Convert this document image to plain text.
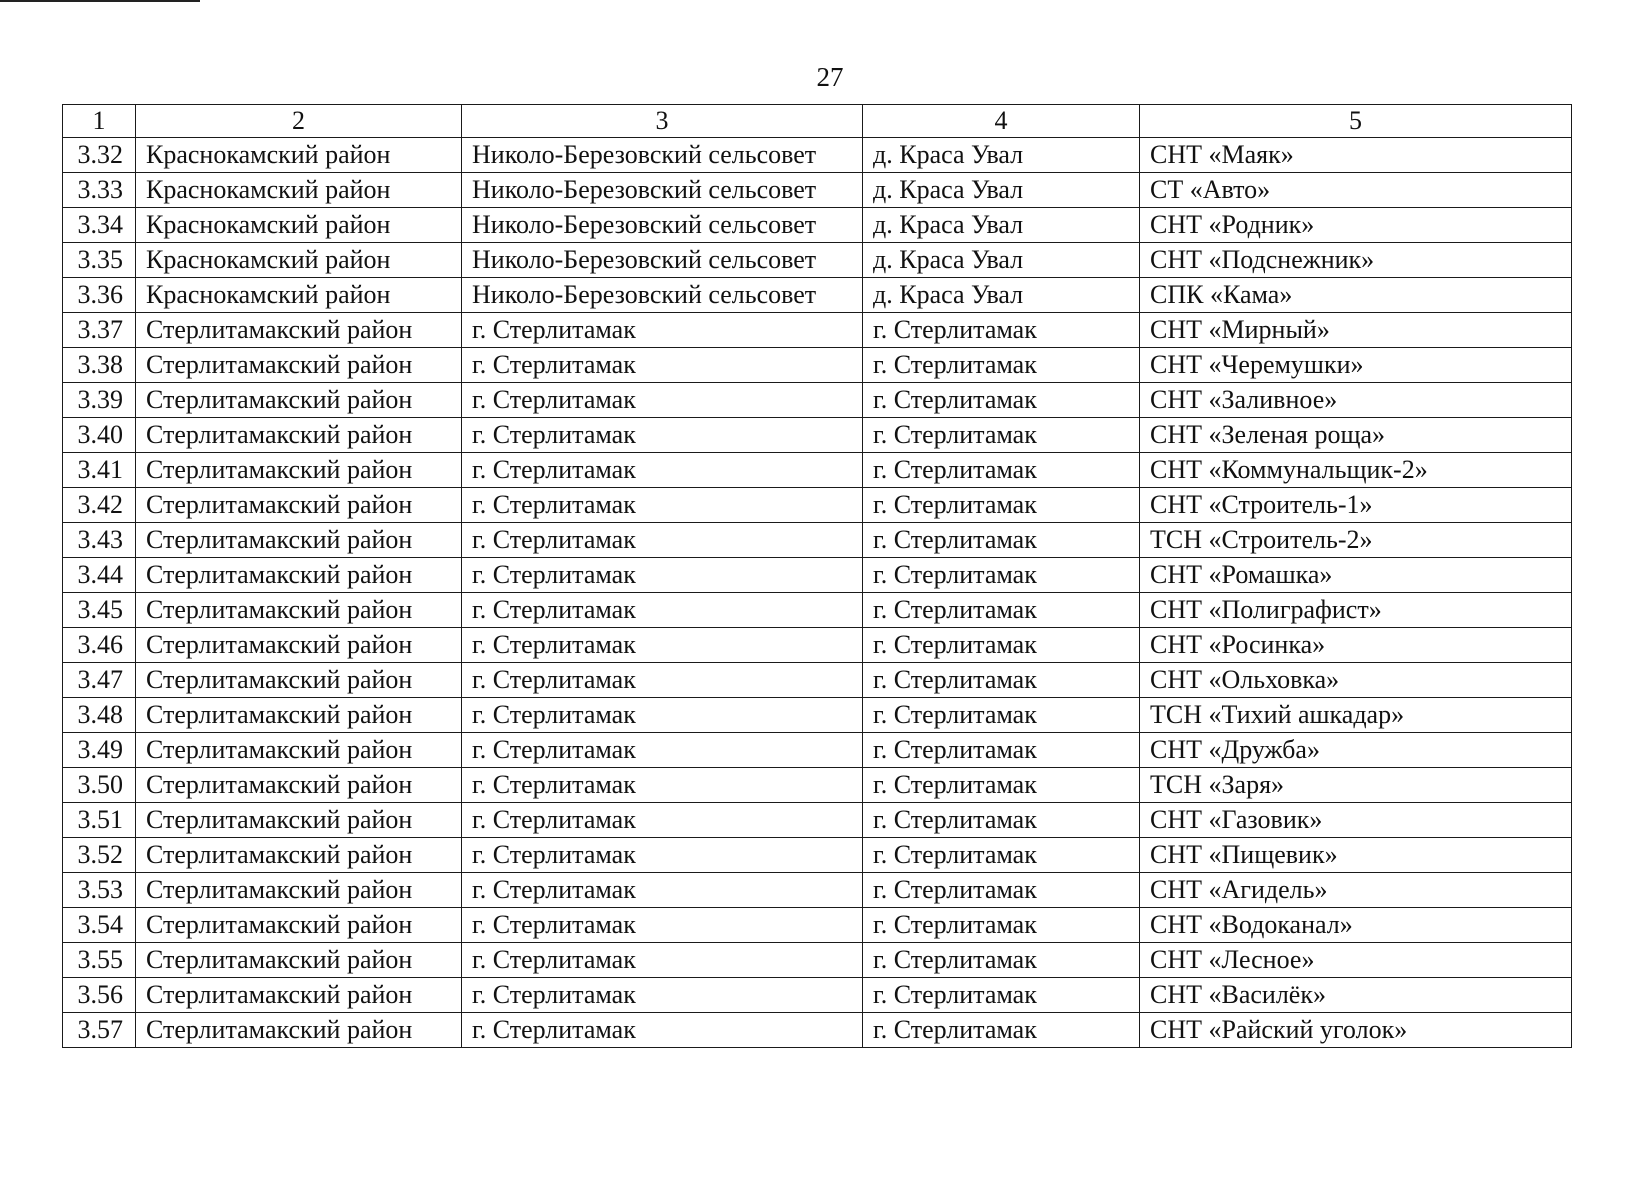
27
1	2	3	4	5
3.32	Краснокамский район	Николо-Березовский сельсовет	д. Краса Увал	СНТ «Маяк»
3.33	Краснокамский район	Николо-Березовский сельсовет	д. Краса Увал	СТ «Авто»
3.34	Краснокамский район	Николо-Березовский сельсовет	д. Краса Увал	СНТ «Родник»
3.35	Краснокамский район	Николо-Березовский сельсовет	д. Краса Увал	СНТ «Подснежник»
3.36	Краснокамский район	Николо-Березовский сельсовет	д. Краса Увал	СПК «Кама»
3.37	Стерлитамакский район	г. Стерлитамак	г. Стерлитамак	СНТ «Мирный»
3.38	Стерлитамакский район	г. Стерлитамак	г. Стерлитамак	СНТ «Черемушки»
3.39	Стерлитамакский район	г. Стерлитамак	г. Стерлитамак	СНТ «Заливное»
3.40	Стерлитамакский район	г. Стерлитамак	г. Стерлитамак	СНТ «Зеленая роща»
3.41	Стерлитамакский район	г. Стерлитамак	г. Стерлитамак	СНТ «Коммунальщик-2»
3.42	Стерлитамакский район	г. Стерлитамак	г. Стерлитамак	СНТ «Строитель-1»
3.43	Стерлитамакский район	г. Стерлитамак	г. Стерлитамак	ТСН «Строитель-2»
3.44	Стерлитамакский район	г. Стерлитамак	г. Стерлитамак	СНТ «Ромашка»
3.45	Стерлитамакский район	г. Стерлитамак	г. Стерлитамак	СНТ «Полиграфист»
3.46	Стерлитамакский район	г. Стерлитамак	г. Стерлитамак	СНТ «Росинка»
3.47	Стерлитамакский район	г. Стерлитамак	г. Стерлитамак	СНТ «Ольховка»
3.48	Стерлитамакский район	г. Стерлитамак	г. Стерлитамак	ТСН «Тихий ашкадар»
3.49	Стерлитамакский район	г. Стерлитамак	г. Стерлитамак	СНТ «Дружба»
3.50	Стерлитамакский район	г. Стерлитамак	г. Стерлитамак	ТСН «Заря»
3.51	Стерлитамакский район	г. Стерлитамак	г. Стерлитамак	СНТ «Газовик»
3.52	Стерлитамакский район	г. Стерлитамак	г. Стерлитамак	СНТ «Пищевик»
3.53	Стерлитамакский район	г. Стерлитамак	г. Стерлитамак	СНТ «Агидель»
3.54	Стерлитамакский район	г. Стерлитамак	г. Стерлитамак	СНТ «Водоканал»
3.55	Стерлитамакский район	г. Стерлитамак	г. Стерлитамак	СНТ «Лесное»
3.56	Стерлитамакский район	г. Стерлитамак	г. Стерлитамак	СНТ «Василёк»
3.57	Стерлитамакский район	г. Стерлитамак	г. Стерлитамак	СНТ «Райский уголок»
